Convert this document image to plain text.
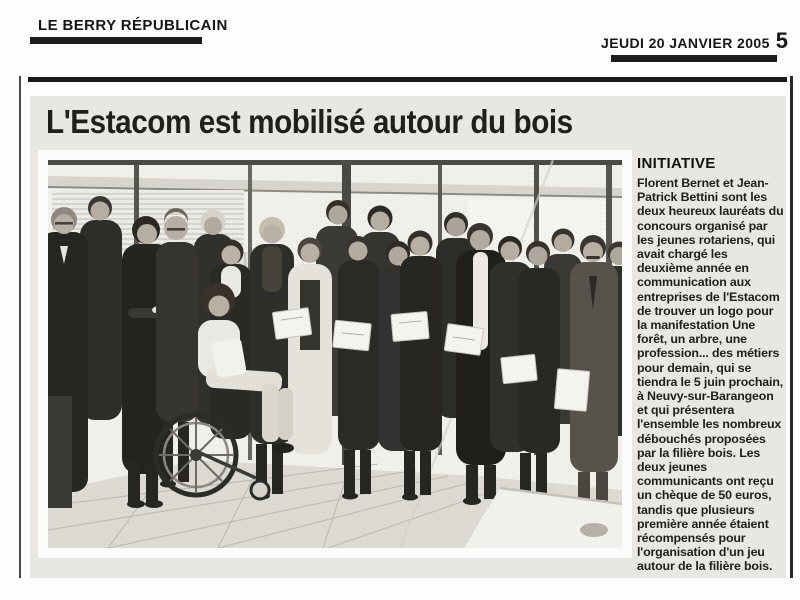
LE BERRY RÉPUBLICAIN
JEUDI 20 JANVIER 2005 5
L'Estacom est mobilisé autour du bois
INITIATIVE
Florent Bernet et Jean-Patrick Bettini sont les deux heureux lauréats du concours organisé par les jeunes rotariens, qui avait chargé les deuxième année en communication aux entreprises de l'Estacom de trouver un logo pour la manifestation Une forêt, un arbre, une profession... des métiers pour demain, qui se tiendra le 5 juin prochain, à Neuvy-sur-Barangeon et qui présentera l'ensemble les nombreux débouchés proposées par la filière bois. Les deux jeunes communicants ont reçu un chèque de 50 euros, tandis que plusieurs première année étaient récompensés pour l'organisation d'un jeu autour de la filière bois.
